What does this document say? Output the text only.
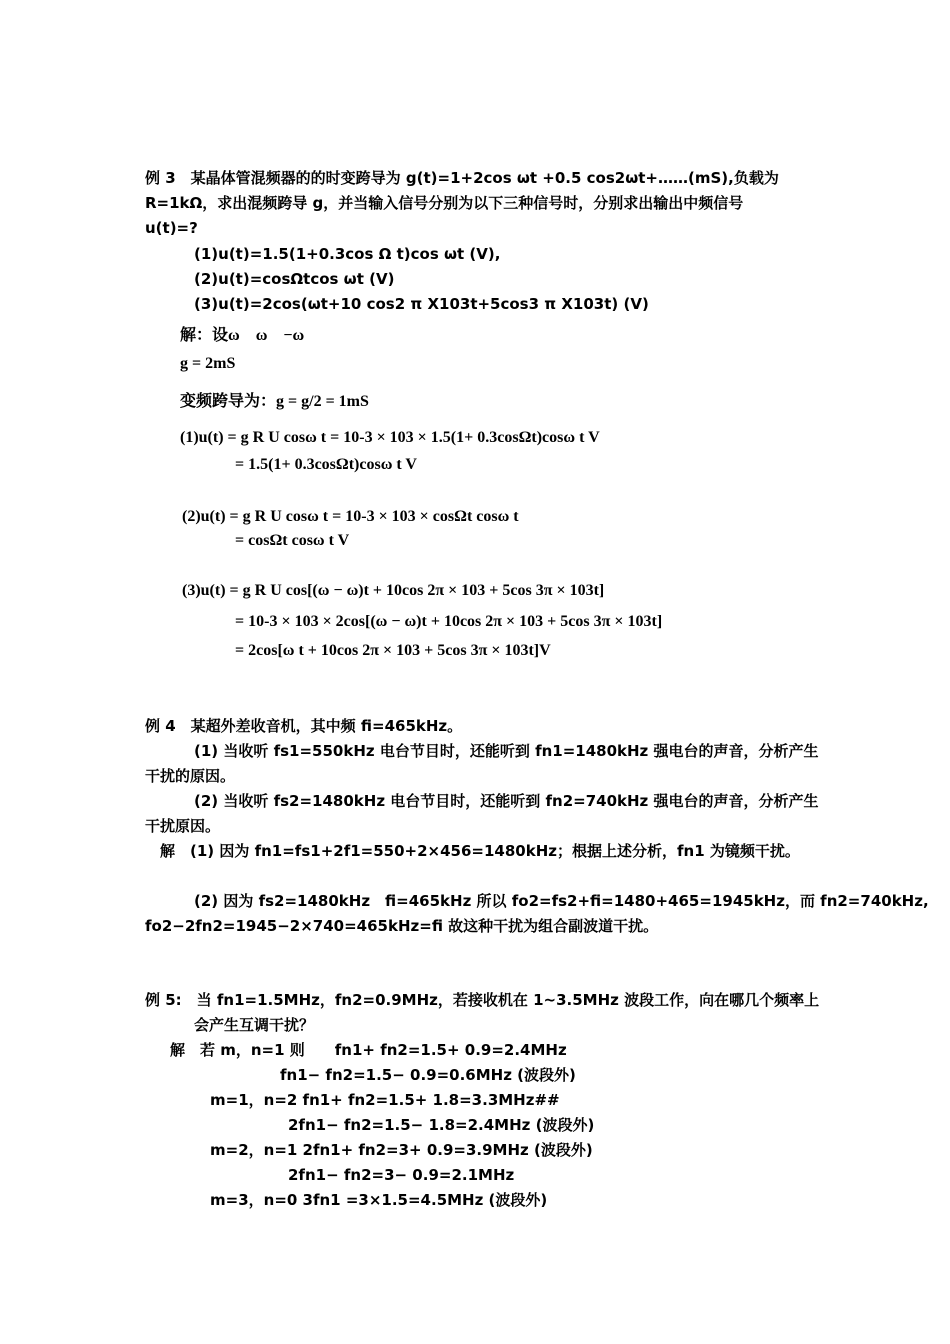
例 3　某晶体管混频器的的时变跨导为 g(t)=1+2cos ωt +0.5 cos2ωt+……(mS),负载为
R=1kΩ，求出混频跨导 g，并当输入信号分别为以下三种信号时，分别求出输出中频信号
u(t)=?
(1)u(t)=1.5(1+0.3cos Ω t)cos ωt (V),
(2)u(t)=cosΩtcos ωt (V)
(3)u(t)=2cos(ωt+10 cos2 π X103t+5cos3 π X103t) (V)
解：设ω　ω　−ω
g = 2mS
变频跨导为：g = g/2 = 1mS
(1)u(t) = g R U cosω t = 10-3 × 103 × 1.5(1+ 0.3cosΩt)cosω t V
= 1.5(1+ 0.3cosΩt)cosω t V
(2)u(t) = g R U cosω t = 10-3 × 103 × cosΩt cosω t
= cosΩt cosω t V
(3)u(t) = g R U cos[(ω − ω)t + 10cos 2π × 103 + 5cos 3π × 103t]
= 10-3 × 103 × 2cos[(ω − ω)t + 10cos 2π × 103 + 5cos 3π × 103t]
= 2cos[ω t + 10cos 2π × 103 + 5cos 3π × 103t]V
例 4　某超外差收音机，其中频 fi=465kHz。
(1) 当收听 fs1=550kHz 电台节目时，还能听到 fn1=1480kHz 强电台的声音，分析产生
干扰的原因。
(2) 当收听 fs2=1480kHz 电台节目时，还能听到 fn2=740kHz 强电台的声音，分析产生
干扰原因。
解　(1) 因为 fn1=fs1+2f1=550+2×456=1480kHz；根据上述分析，fn1 为镜频干扰。
(2) 因为 fs2=1480kHz　fi=465kHz 所以 fo2=fs2+fi=1480+465=1945kHz，而 fn2=740kHz,
fo2−2fn2=1945−2×740=465kHz=fi 故这种干扰为组合副波道干扰。
例 5:　当 fn1=1.5MHz，fn2=0.9MHz，若接收机在 1~3.5MHz 波段工作，向在哪几个频率上
会产生互调干扰？
解　若 m，n=1 则　　fn1+ fn2=1.5+ 0.9=2.4MHz
fn1− fn2=1.5− 0.9=0.6MHz (波段外)
m=1，n=2 fn1+ fn2=1.5+ 1.8=3.3MHz##
2fn1− fn2=1.5− 1.8=2.4MHz (波段外)
m=2，n=1 2fn1+ fn2=3+ 0.9=3.9MHz (波段外)
2fn1− fn2=3− 0.9=2.1MHz
m=3，n=0 3fn1 =3×1.5=4.5MHz (波段外)
